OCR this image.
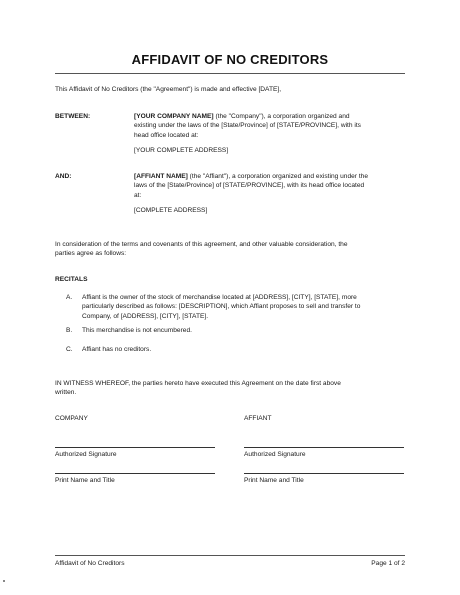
AFFIDAVIT OF NO CREDITORS
This Affidavit of No Creditors (the "Agreement") is made and effective [DATE],
BETWEEN:	[YOUR COMPANY NAME] (the "Company"), a corporation organized and
existing under the laws of the [State/Province] of [STATE/PROVINCE], with its
head office located at:
[YOUR COMPLETE ADDRESS]
AND:	[AFFIANT NAME] (the "Affiant"), a corporation organized and existing under the
laws of the [State/Province] of [STATE/PROVINCE], with its head office located
at:
[COMPLETE ADDRESS]
In consideration of the terms and covenants of this agreement, and other valuable consideration, the
parties agree as follows:
RECITALS
A. Affiant is the owner of the stock of merchandise located at [ADDRESS], [CITY], [STATE], more
particularly described as follows: [DESCRIPTION], which Affiant proposes to sell and transfer to
Company, of [ADDRESS], [CITY], [STATE].
B. This merchandise is not encumbered.
C. Affiant has no creditors.
IN WITNESS WHEREOF, the parties hereto have executed this Agreement on the date first above
written.
COMPANY	AFFIANT
Authorized Signature	Authorized Signature
Print Name and Title	Print Name and Title
Affidavit of No Creditors	Page 1 of 2
